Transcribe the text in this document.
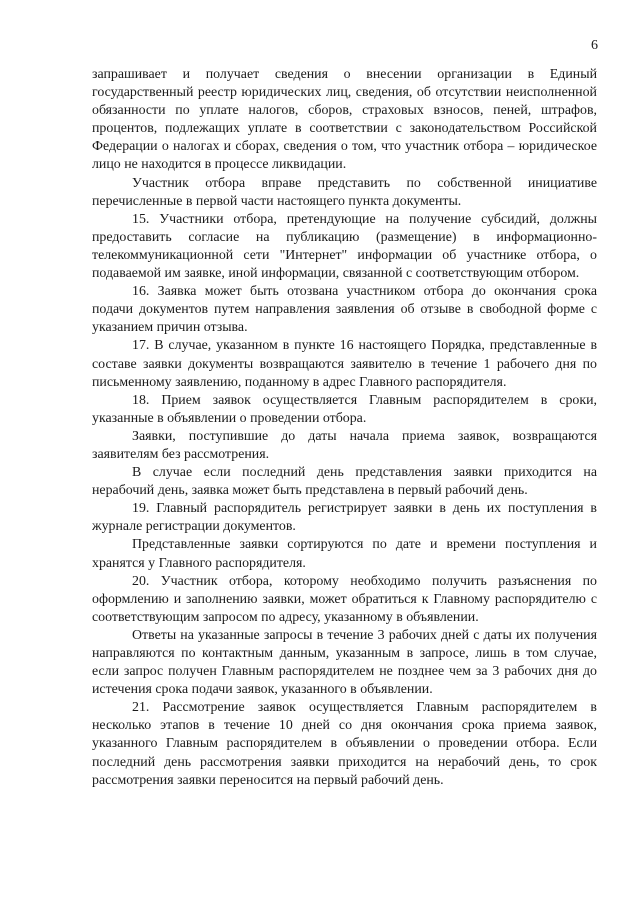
6

запрашивает и получает сведения о внесении организации в Единый государственный реестр юридических лиц, сведения, об отсутствии неисполненной обязанности по уплате налогов, сборов, страховых взносов, пеней, штрафов, процентов, подлежащих уплате в соответствии с законодательством Российской Федерации о налогах и сборах, сведения о том, что участник отбора – юридическое лицо не находится в процессе ликвидации.

Участник отбора вправе представить по собственной инициативе перечисленные в первой части настоящего пункта документы.

15. Участники отбора, претендующие на получение субсидий, должны предоставить согласие на публикацию (размещение) в информационно-телекоммуникационной сети "Интернет" информации об участнике отбора, о подаваемой им заявке, иной информации, связанной с соответствующим отбором.

16. Заявка может быть отозвана участником отбора до окончания срока подачи документов путем направления заявления об отзыве в свободной форме с указанием причин отзыва.

17. В случае, указанном в пункте 16 настоящего Порядка, представленные в составе заявки документы возвращаются заявителю в течение 1 рабочего дня по письменному заявлению, поданному в адрес Главного распорядителя.

18. Прием заявок осуществляется Главным распорядителем в сроки, указанные в объявлении о проведении отбора.

Заявки, поступившие до даты начала приема заявок, возвращаются заявителям без рассмотрения.

В случае если последний день представления заявки приходится на нерабочий день, заявка может быть представлена в первый рабочий день.

19. Главный распорядитель регистрирует заявки в день их поступления в журнале регистрации документов.

Представленные заявки сортируются по дате и времени поступления и хранятся у Главного распорядителя.

20. Участник отбора, которому необходимо получить разъяснения по оформлению и заполнению заявки, может обратиться к Главному распорядителю с соответствующим запросом по адресу, указанному в объявлении.

Ответы на указанные запросы в течение 3 рабочих дней с даты их получения направляются по контактным данным, указанным в запросе, лишь в том случае, если запрос получен Главным распорядителем не позднее чем за 3 рабочих дня до истечения срока подачи заявок, указанного в объявлении.

21. Рассмотрение заявок осуществляется Главным распорядителем в несколько этапов в течение 10 дней со дня окончания срока приема заявок, указанного Главным распорядителем в объявлении о проведении отбора. Если последний день рассмотрения заявки приходится на нерабочий день, то срок рассмотрения заявки переносится на первый рабочий день.
